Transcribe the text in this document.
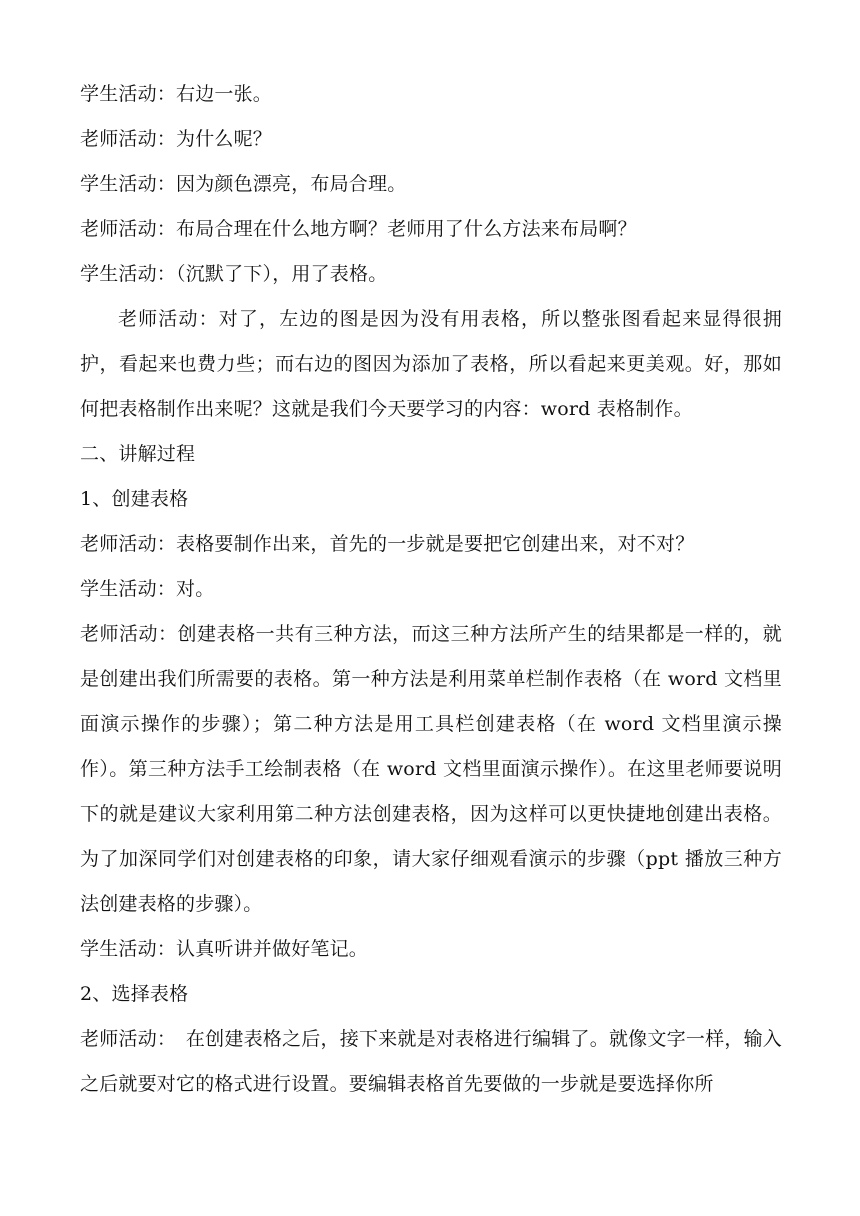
学生活动：右边一张。

老师活动：为什么呢？

学生活动：因为颜色漂亮，布局合理。

老师活动：布局合理在什么地方啊？老师用了什么方法来布局啊？

学生活动：（沉默了下），用了表格。

老师活动：对了，左边的图是因为没有用表格，所以整张图看起来显得很拥护，看起来也费力些；而右边的图因为添加了表格，所以看起来更美观。好，那如何把表格制作出来呢？这就是我们今天要学习的内容：word 表格制作。

二、讲解过程

1、创建表格

老师活动：表格要制作出来，首先的一步就是要把它创建出来，对不对？

学生活动：对。

老师活动：创建表格一共有三种方法，而这三种方法所产生的结果都是一样的，就是创建出我们所需要的表格。第一种方法是利用菜单栏制作表格（在 word 文档里面演示操作的步骤）；第二种方法是用工具栏创建表格（在 word 文档里演示操作）。第三种方法手工绘制表格（在 word 文档里面演示操作）。在这里老师要说明下的就是建议大家利用第二种方法创建表格，因为这样可以更快捷地创建出表格。为了加深同学们对创建表格的印象，请大家仔细观看演示的步骤（ppt 播放三种方法创建表格的步骤）。

学生活动：认真听讲并做好笔记。

2、选择表格

老师活动：　在创建表格之后，接下来就是对表格进行编辑了。就像文字一样，输入之后就要对它的格式进行设置。要编辑表格首先要做的一步就是要选择你所
